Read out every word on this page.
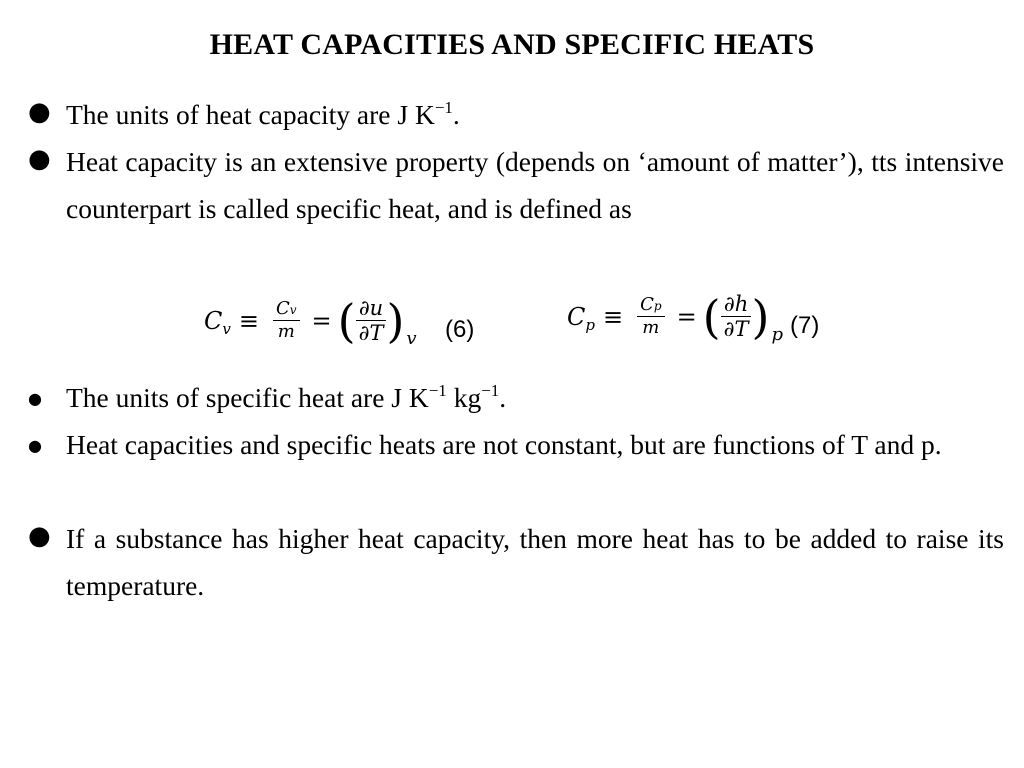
HEAT CAPACITIES AND SPECIFIC HEATS
● The units of heat capacity are J $K^{-1}$.
● Heat capacity is an extensive property (depends on ‘amount of matter’), tts intensive counterpart is called specific heat, and is defined as
C $v \equiv \frac{Cv}{m}$ = ( $\frac{\partial u}{\partial T}$ ) v (6)	C $p \equiv \frac{Cp}{m}$ = ( $\frac{\partial h}{\partial T}$ ) p (7)
● The units of specific heat are J $K^{-1}$ $kg^{-1}$.
● Heat capacities and specific heats are not constant, but are functions of T and p.
● If a substance has higher heat capacity, then more heat has to be added to raise its temperature.
